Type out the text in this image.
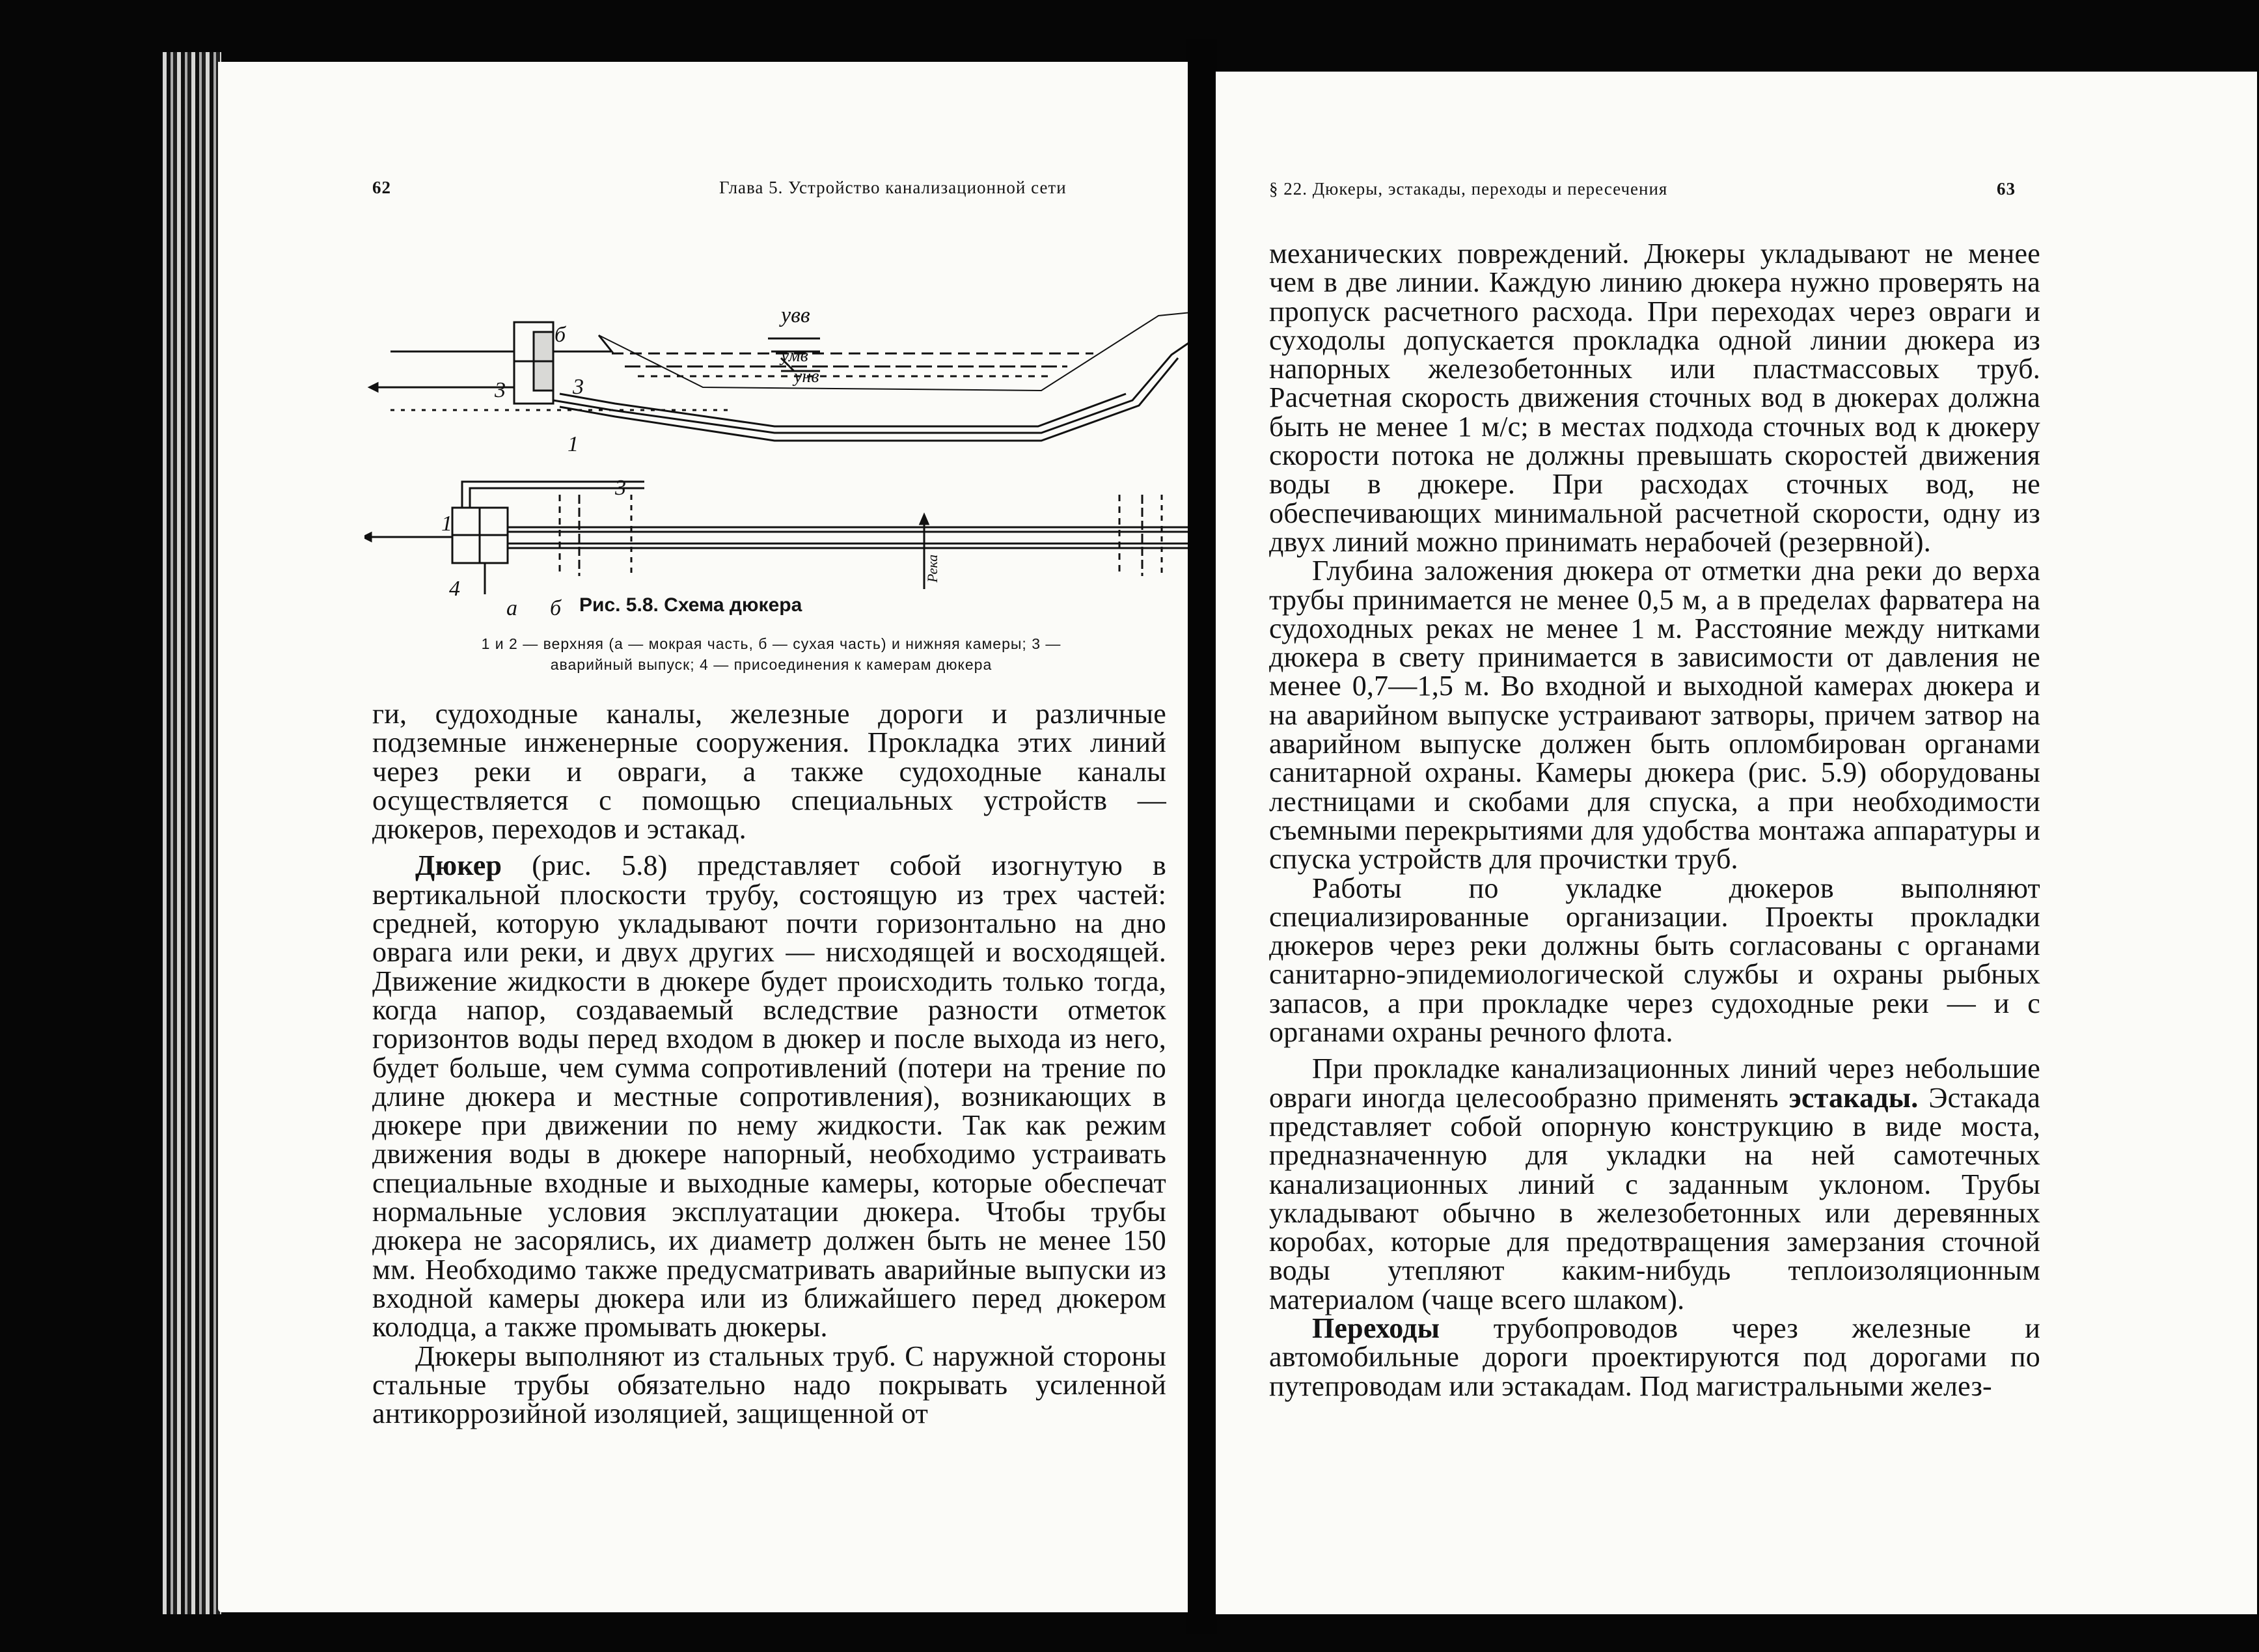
62	Глава 5. Устройство канализационной сети
увв
умв
унв
3	3
б
1
3
1
4
а б
Река
Рис. 5.8. Схема дюкера
1 и 2 — верхняя (а — мокрая часть, б — сухая часть) и нижняя камеры; 3 —
аварийный выпуск; 4 — присоединения к камерам дюкера

ги, судоходные каналы, железные дороги и различные подземные инженерные сооружения. Прокладка этих линий через реки и овраги, а также судоходные каналы осуществляется с помощью специальных устройств — дюкеров, переходов и эстакад.

Дюкер (рис. 5.8) представляет собой изогнутую в вертикальной плоскости трубу, состоящую из трех частей: средней, которую укладывают почти горизонтально на дно оврага или реки, и двух других — нисходящей и восходящей. Движение жидкости в дюкере будет происходить только тогда, когда напор, создаваемый вследствие разности отметок горизонтов воды перед входом в дюкер и после выхода из него, будет больше, чем сумма сопротивлений (потери на трение по длине дюкера и местные сопротивления), возникающих в дюкере при движении по нему жидкости. Так как режим движения воды в дюкере напорный, необходимо устраивать специальные входные и выходные камеры, которые обеспечат нормальные условия эксплуатации дюкера. Чтобы трубы дюкера не засорялись, их диаметр должен быть не менее 150 мм. Необходимо также предусматривать аварийные выпуски из входной камеры дюкера или из ближайшего перед дюкером колодца, а также промывать дюкеры.

Дюкеры выполняют из стальных труб. С наружной стороны стальные трубы обязательно надо покрывать усиленной антикоррозийной изоляцией, защищенной от

§ 22. Дюкеры, эстакады, переходы и пересечения	63

механических повреждений. Дюкеры укладывают не менее чем в две линии. Каждую линию дюкера нужно проверять на пропуск расчетного расхода. При переходах через овраги и суходолы допускается прокладка одной линии дюкера из напорных железобетонных или пластмассовых труб. Расчетная скорость движения сточных вод в дюкерах должна быть не менее 1 м/с; в местах подхода сточных вод к дюкеру скорости потока не должны превышать скоростей движения воды в дюкере. При расходах сточных вод, не обеспечивающих минимальной расчетной скорости, одну из двух линий можно принимать нерабочей (резервной).

Глубина заложения дюкера от отметки дна реки до верха трубы принимается не менее 0,5 м, а в пределах фарватера на судоходных реках не менее 1 м. Расстояние между нитками дюкера в свету принимается в зависимости от давления не менее 0,7—1,5 м. Во входной и выходной камерах дюкера и на аварийном выпуске устраивают затворы, причем затвор на аварийном выпуске должен быть опломбирован органами санитарной охраны. Камеры дюкера (рис. 5.9) оборудованы лестницами и скобами для спуска, а при необходимости съемными перекрытиями для удобства монтажа аппаратуры и спуска устройств для прочистки труб.

Работы по укладке дюкеров выполняют специализированные организации. Проекты прокладки дюкеров через реки должны быть согласованы с органами санитарно-эпидемиологической службы и охраны рыбных запасов, а при прокладке через судоходные реки — и с органами охраны речного флота.

При прокладке канализационных линий через небольшие овраги иногда целесообразно применять эстакады. Эстакада представляет собой опорную конструкцию в виде моста, предназначенную для укладки на ней самотечных канализационных линий с заданным уклоном. Трубы укладывают обычно в железобетонных или деревянных коробах, которые для предотвращения замерзания сточной воды утепляют каким-нибудь теплоизоляционным материалом (чаще всего шлаком).

Переходы трубопроводов через железные и автомобильные дороги проектируются под дорогами по путепроводам или эстакадам. Под магистральными желез-
